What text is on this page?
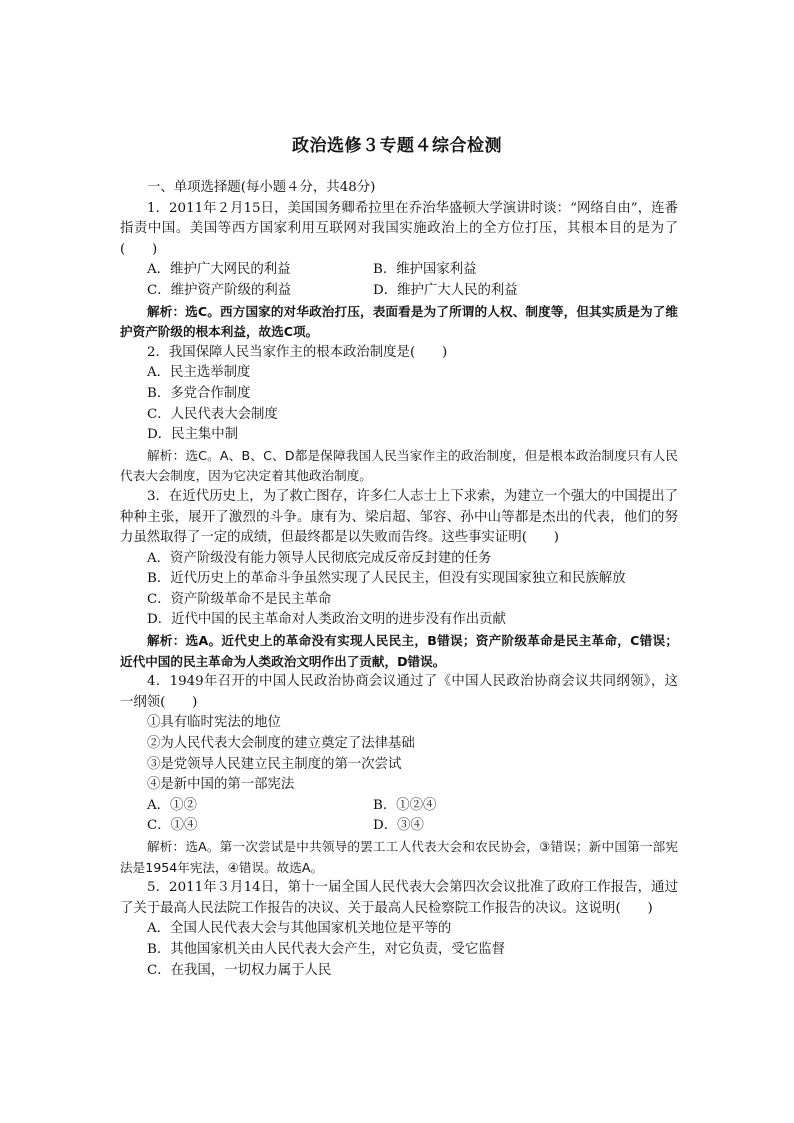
政治选修３专题４综合检测

一、单项选择题(每小题４分，共48分)

1．2011年２月15日，美国国务卿希拉里在乔治华盛顿大学演讲时谈：“网络自由”，连番指责中国。美国等西方国家利用互联网对我国实施政治上的全方位打压，其根本目的是为了(　　)

A．维护广大网民的利益	B．维护国家利益
C．维护资产阶级的利益	D．维护广大人民的利益

解析：选C。西方国家的对华政治打压，表面看是为了所谓的人权、制度等，但其实质是为了维护资产阶级的根本利益，故选C项。

2．我国保障人民当家作主的根本政治制度是(　　)

A．民主选举制度

B．多党合作制度

C．人民代表大会制度

D．民主集中制

解析：选C。A、B、C、D都是保障我国人民当家作主的政治制度，但是根本政治制度只有人民代表大会制度，因为它决定着其他政治制度。

3．在近代历史上，为了救亡图存，许多仁人志士上下求索，为建立一个强大的中国提出了种种主张，展开了激烈的斗争。康有为、梁启超、邹容、孙中山等都是杰出的代表，他们的努力虽然取得了一定的成绩，但最终都是以失败而告终。这些事实证明(　　)

A．资产阶级没有能力领导人民彻底完成反帝反封建的任务

B．近代历史上的革命斗争虽然实现了人民民主，但没有实现国家独立和民族解放

C．资产阶级革命不是民主革命

D．近代中国的民主革命对人类政治文明的进步没有作出贡献

解析：选A。近代史上的革命没有实现人民民主，B错误；资产阶级革命是民主革命，C错误；近代中国的民主革命为人类政治文明作出了贡献，D错误。

4．1949年召开的中国人民政治协商会议通过了《中国人民政治协商会议共同纲领》，这一纲领(　　)

①具有临时宪法的地位

②为人民代表大会制度的建立奠定了法律基础

③是党领导人民建立民主制度的第一次尝试

④是新中国的第一部宪法

A．①②	B．①②④
C．①④	D．③④

解析：选A。第一次尝试是中共领导的罢工工人代表大会和农民协会，③错误；新中国第一部宪法是1954年宪法，④错误。故选A。

5．2011年３月14日，第十一届全国人民代表大会第四次会议批准了政府工作报告，通过了关于最高人民法院工作报告的决议、关于最高人民检察院工作报告的决议。这说明(　　)

A．全国人民代表大会与其他国家机关地位是平等的

B．其他国家机关由人民代表大会产生，对它负责，受它监督

C．在我国，一切权力属于人民
